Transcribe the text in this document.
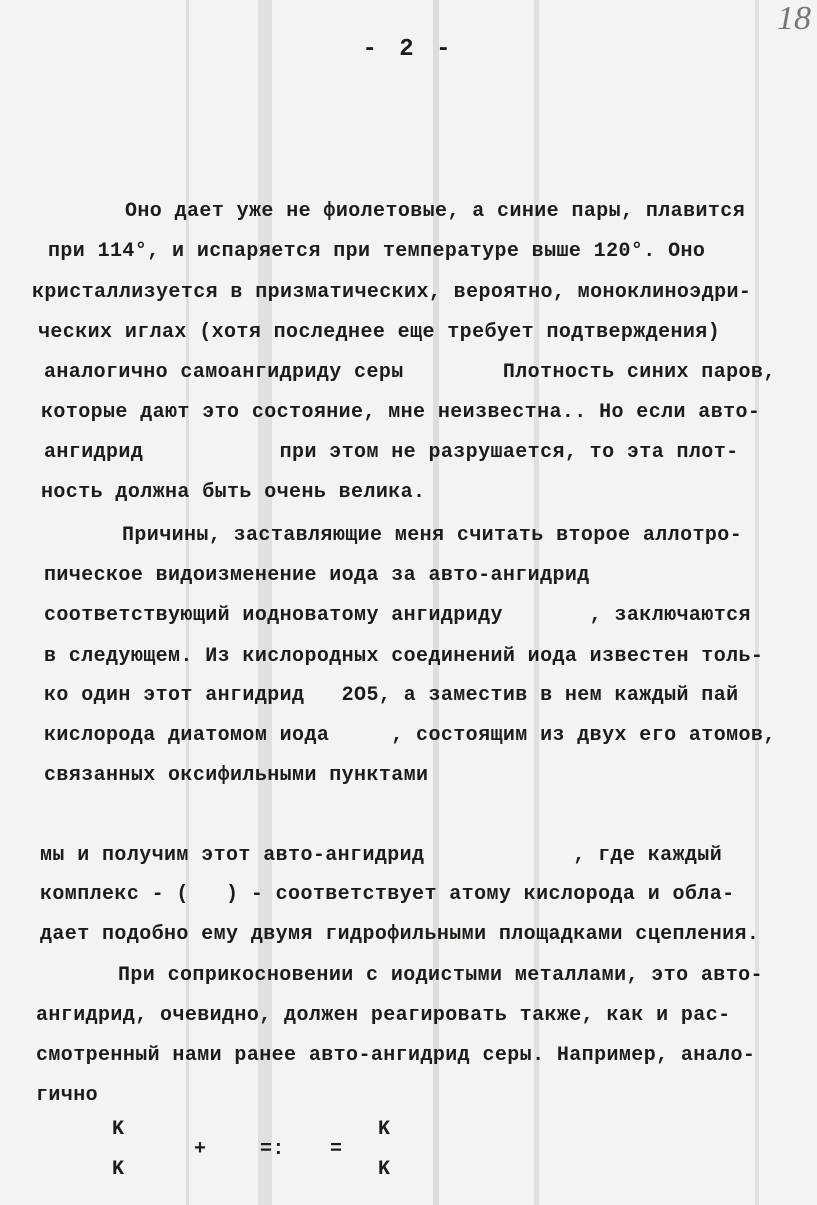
18
- 2 -
Оно дает уже не фиолетовые, а синие пары, плавится
при 114°, и испаряется при температуре выше 120°. Оно
кристаллизуется в призматических, вероятно, моноклиноэдри-
ческих иглах (хотя последнее еще требует подтверждения)
аналогично самоангидриду серы        Плотность синих паров,
которые дают это состояние, мне неизвестна.. Но если авто-
ангидрид           при этом не разрушается, то эта плот-
ность должна быть очень велика.
Причины, заставляющие меня считать второе аллотро-
пическое видоизменение иода за авто-ангидрид
соответствующий иодноватому ангидриду       , заключаются
в следующем. Из кислородных соединений иода известен толь-
ко один этот ангидрид   2O5, а заместив в нем каждый пай
кислорода диатомом иода     , состоящим из двух его атомов,
связанных оксифильными пунктами
мы и получим этот авто-ангидрид            , где каждый
комплекс - (   ) - соответствует атому кислорода и обла-
дает подобно ему двумя гидрофильными площадками сцепления.
При соприкосновении с иодистыми металлами, это авто-
ангидрид, очевидно, должен реагировать также, как и рас-
смотренный нами ранее авто-ангидрид серы. Например, анало-
гично
K
K
+	=: =
K
K
